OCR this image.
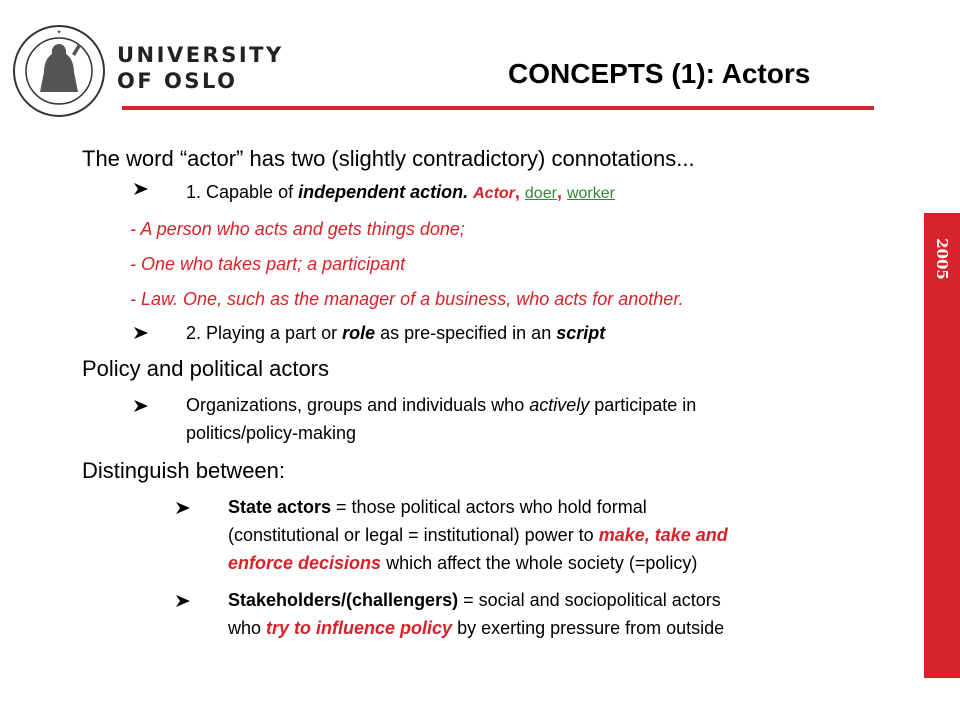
✦
UNIVERSITY
OF OSLO	CONCEPTS (1): Actors
2005
The word “actor” has two (slightly contradictory) connotations...
1. Capable of independent action. Actor, doer, worker
- A person who acts and gets things done;
- One who takes part; a participant
- Law. One, such as the manager of a business, who acts for another.
2. Playing a part or role as pre-specified in an script
Policy and political actors
Organizations, groups and individuals who actively participate in
politics/policy-making
Distinguish between:
State actors = those political actors who hold formal
(constitutional or legal = institutional) power to make, take and
enforce decisions which affect the whole society (=policy)
Stakeholders/(challengers) = social and sociopolitical actors
who try to influence policy by exerting pressure from outside
